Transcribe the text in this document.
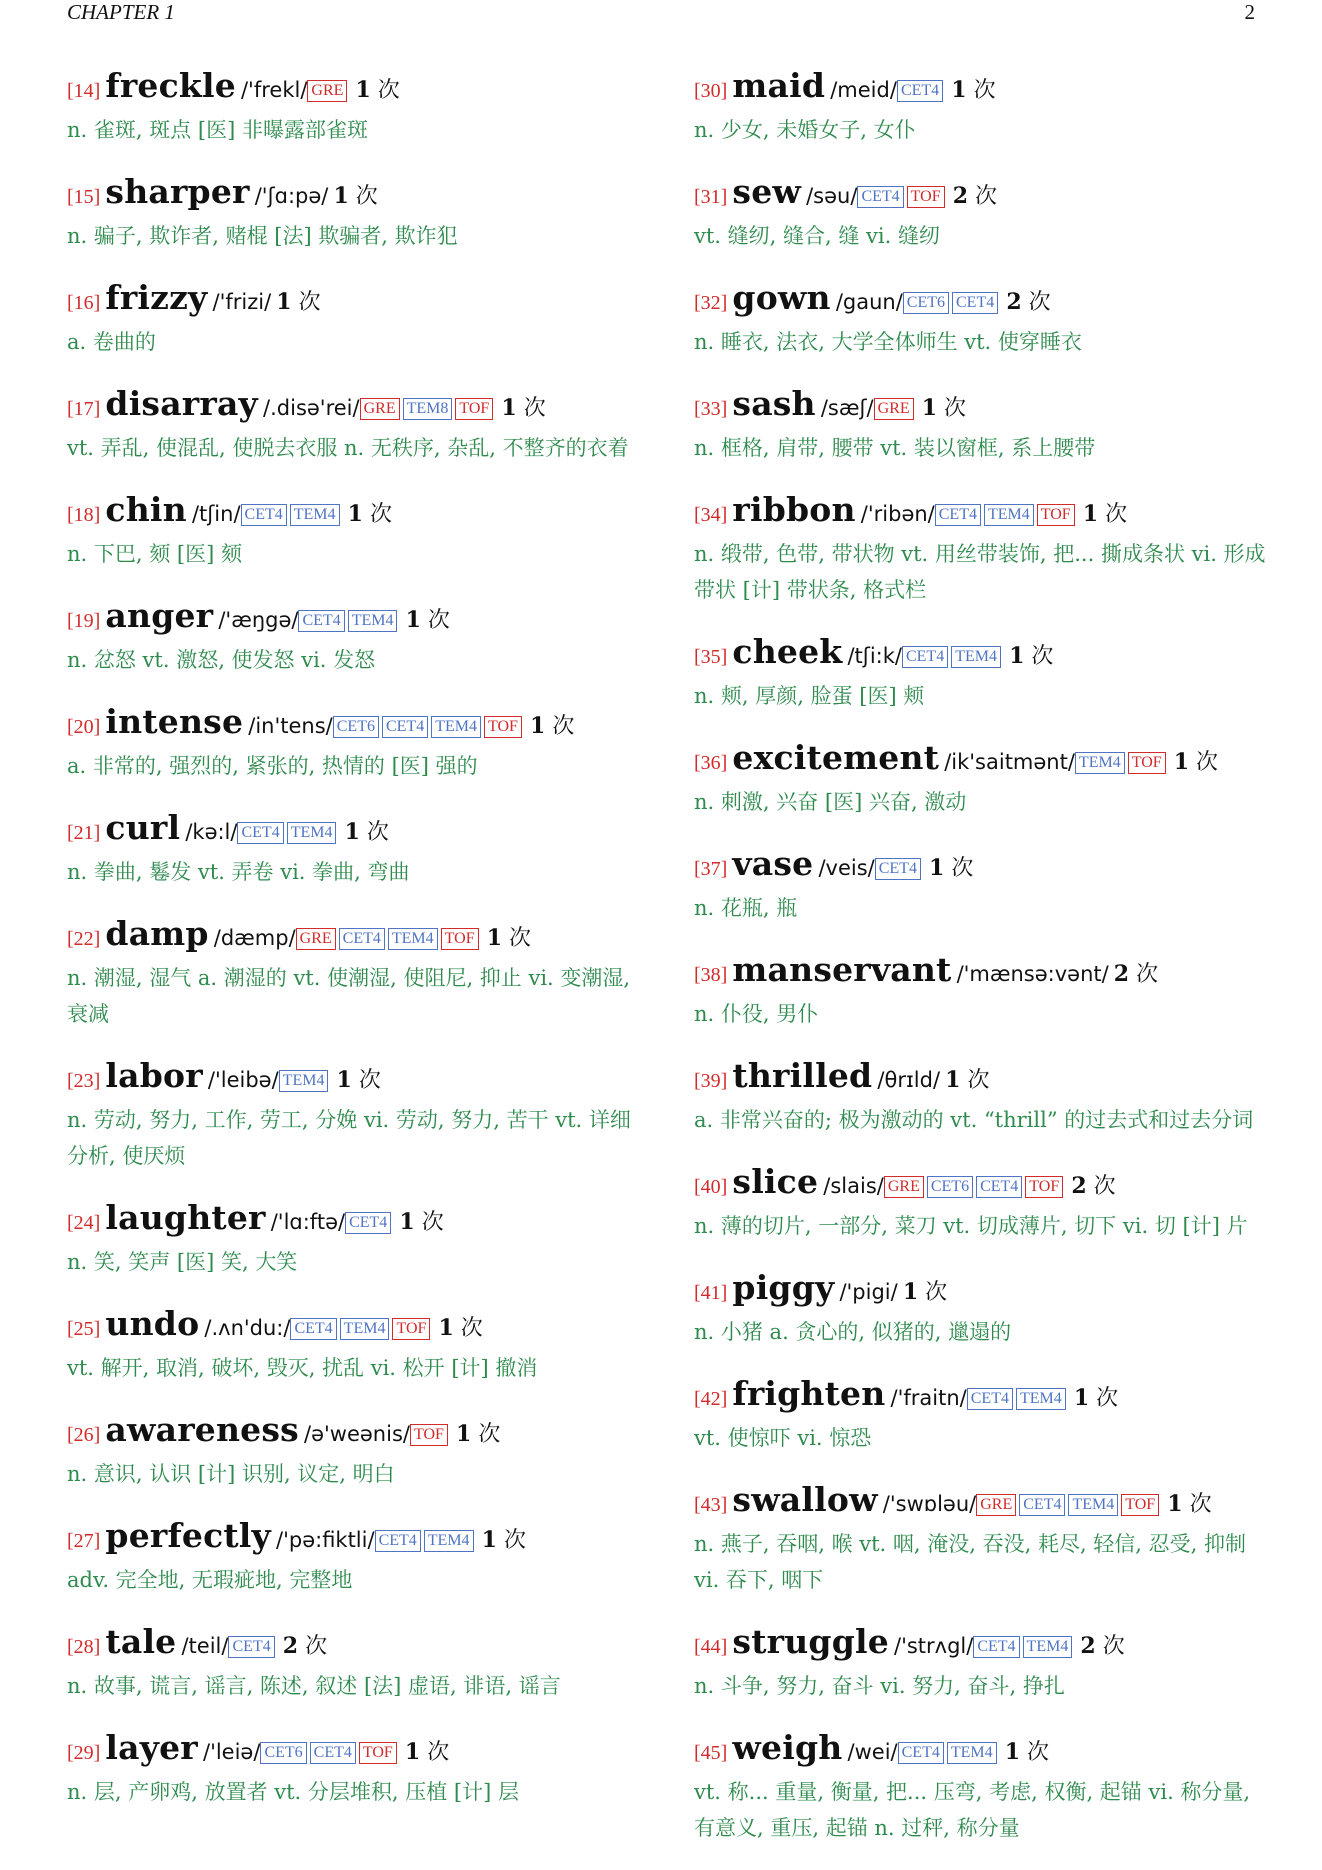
CHAPTER 1	2
[14] freckle /'frekl/ GRE 1 次
n. 雀斑, 斑点 [医] 非曝露部雀斑
[15] sharper /'ʃɑ:pə/ 1 次
n. 骗子, 欺诈者, 赌棍 [法] 欺骗者, 欺诈犯
[16] frizzy /'frizi/ 1 次
a. 卷曲的
[17] disarray /.disə'rei/ GRE TEM8 TOF 1 次
vt. 弄乱, 使混乱, 使脱去衣服 n. 无秩序, 杂乱, 不整齐的衣着
[18] chin /tʃin/ CET4 TEM4 1 次
n. 下巴, 颏 [医] 颏
[19] anger /'æŋgə/ CET4 TEM4 1 次
n. 忿怒 vt. 激怒, 使发怒 vi. 发怒
[20] intense /in'tens/ CET6 CET4 TEM4 TOF 1 次
a. 非常的, 强烈的, 紧张的, 热情的 [医] 强的
[21] curl /kə:l/ CET4 TEM4 1 次
n. 拳曲, 鬈发 vt. 弄卷 vi. 拳曲, 弯曲
[22] damp /dæmp/ GRE CET4 TEM4 TOF 1 次
n. 潮湿, 湿气 a. 潮湿的 vt. 使潮湿, 使阻尼, 抑止 vi. 变潮湿, 衰减
[23] labor /'leibə/ TEM4 1 次
n. 劳动, 努力, 工作, 劳工, 分娩 vi. 劳动, 努力, 苦干 vt. 详细分析, 使厌烦
[24] laughter /'lɑ:ftə/ CET4 1 次
n. 笑, 笑声 [医] 笑, 大笑
[25] undo /.ʌn'du:/ CET4 TEM4 TOF 1 次
vt. 解开, 取消, 破坏, 毁灭, 扰乱 vi. 松开 [计] 撤消
[26] awareness /ə'weənis/ TOF 1 次
n. 意识, 认识 [计] 识别, 议定, 明白
[27] perfectly /'pə:fiktli/ CET4 TEM4 1 次
adv. 完全地, 无瑕疵地, 完整地
[28] tale /teil/ CET4 2 次
n. 故事, 谎言, 谣言, 陈述, 叙述 [法] 虚语, 诽语, 谣言
[29] layer /'leiə/ CET6 CET4 TOF 1 次
n. 层, 产卵鸡, 放置者 vt. 分层堆积, 压植 [计] 层
[30] maid /meid/ CET4 1 次
n. 少女, 未婚女子, 女仆
[31] sew /səu/ CET4 TOF 2 次
vt. 缝纫, 缝合, 缝 vi. 缝纫
[32] gown /gaun/ CET6 CET4 2 次
n. 睡衣, 法衣, 大学全体师生 vt. 使穿睡衣
[33] sash /sæʃ/ GRE 1 次
n. 框格, 肩带, 腰带 vt. 装以窗框, 系上腰带
[34] ribbon /'ribən/ CET4 TEM4 TOF 1 次
n. 缎带, 色带, 带状物 vt. 用丝带装饰, 把... 撕成条状 vi. 形成带状 [计] 带状条, 格式栏
[35] cheek /tʃi:k/ CET4 TEM4 1 次
n. 颊, 厚颜, 脸蛋 [医] 颊
[36] excitement /ik'saitmənt/ TEM4 TOF 1 次
n. 刺激, 兴奋 [医] 兴奋, 激动
[37] vase /veis/ CET4 1 次
n. 花瓶, 瓶
[38] manservant /'mænsə:vənt/ 2 次
n. 仆役, 男仆
[39] thrilled /θrɪld/ 1 次
a. 非常兴奋的; 极为激动的 vt. “thrill” 的过去式和过去分词
[40] slice /slais/ GRE CET6 CET4 TOF 2 次
n. 薄的切片, 一部分, 菜刀 vt. 切成薄片, 切下 vi. 切 [计] 片
[41] piggy /'pigi/ 1 次
n. 小猪 a. 贪心的, 似猪的, 邋遢的
[42] frighten /'fraitn/ CET4 TEM4 1 次
vt. 使惊吓 vi. 惊恐
[43] swallow /'swɒləu/ GRE CET4 TEM4 TOF 1 次
n. 燕子, 吞咽, 喉 vt. 咽, 淹没, 吞没, 耗尽, 轻信, 忍受, 抑制 vi. 吞下, 咽下
[44] struggle /'strʌgl/ CET4 TEM4 2 次
n. 斗争, 努力, 奋斗 vi. 努力, 奋斗, 挣扎
[45] weigh /wei/ CET4 TEM4 1 次
vt. 称... 重量, 衡量, 把... 压弯, 考虑, 权衡, 起锚 vi. 称分量, 有意义, 重压, 起锚 n. 过秤, 称分量
